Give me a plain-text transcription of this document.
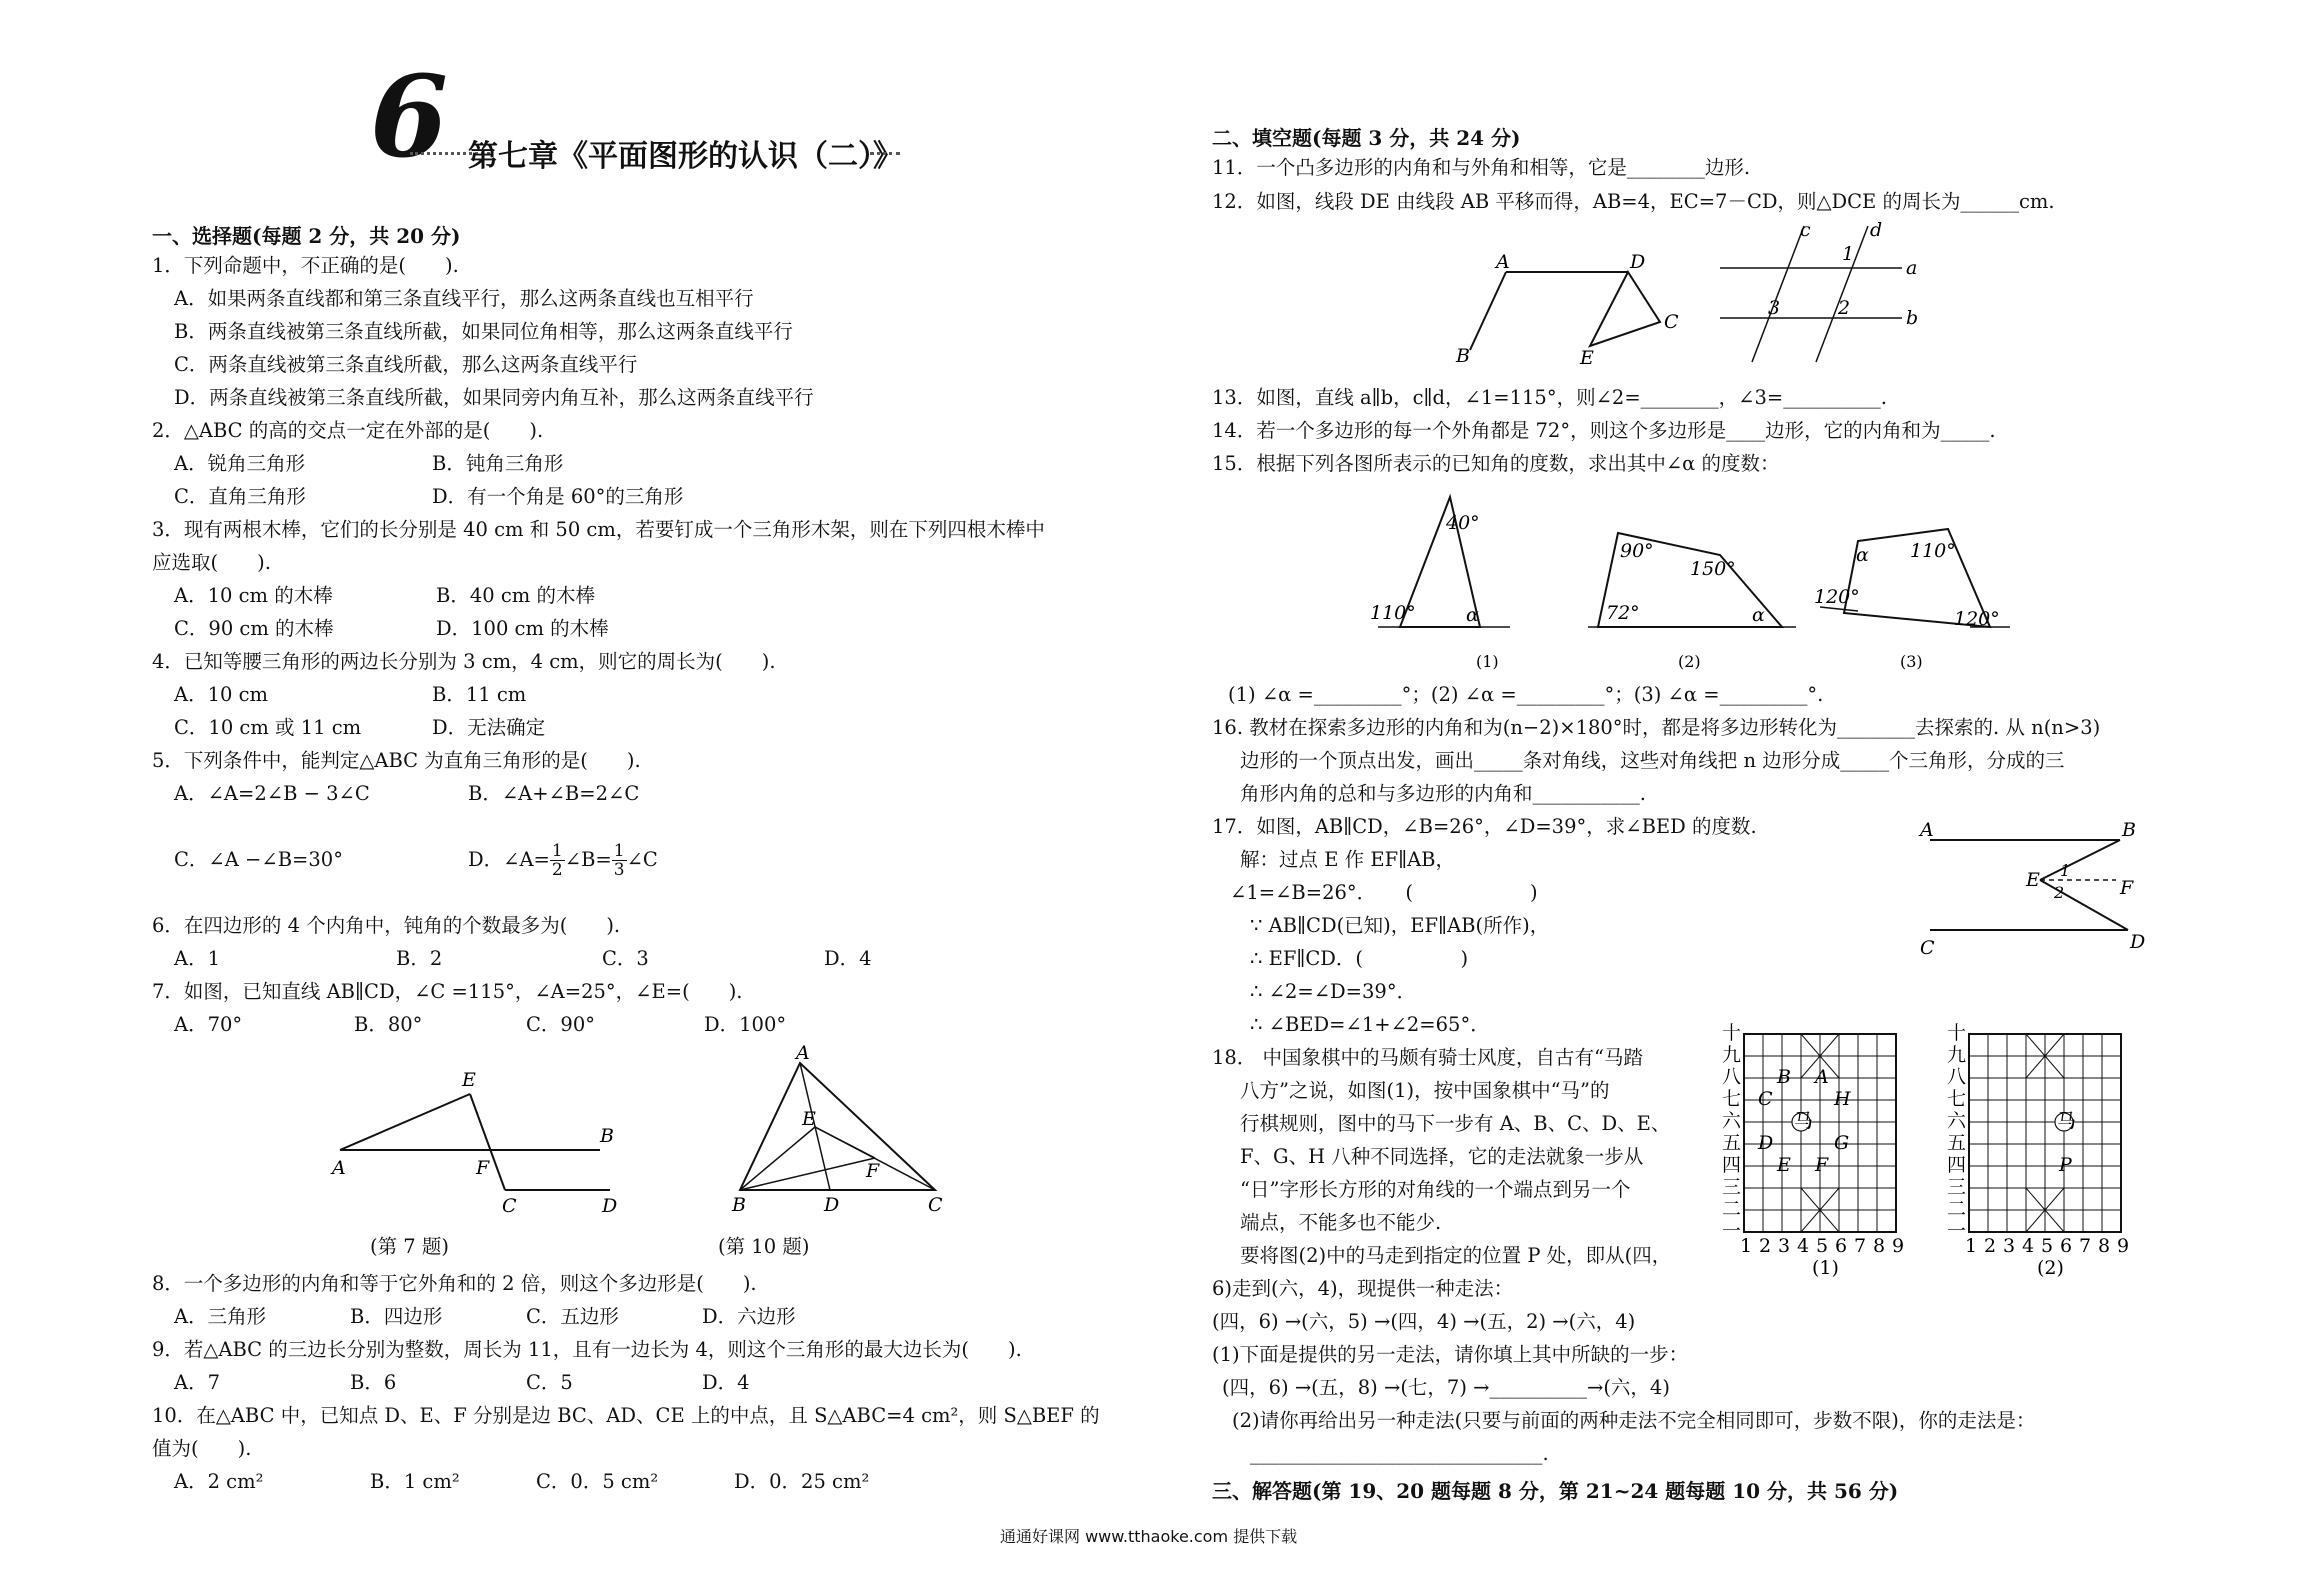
6 第七章《平面图形的认识（二）》
一、选择题(每题 2 分，共 20 分)
1．下列命题中，不正确的是(　　).
A．如果两条直线都和第三条直线平行，那么这两条直线也互相平行
B．两条直线被第三条直线所截，如果同位角相等，那么这两条直线平行
C．两条直线被第三条直线所截，那么这两条直线平行
D．两条直线被第三条直线所截，如果同旁内角互补，那么这两条直线平行
2．△ABC 的高的交点一定在外部的是(　　).
A．锐角三角形	B．钝角三角形
C．直角三角形	D．有一个角是 60°的三角形
3．现有两根木棒，它们的长分别是 40 cm 和 50 cm，若要钉成一个三角形木架，则在下列四根木棒中
应选取(　　).
A．10 cm 的木棒	B．40 cm 的木棒
C．90 cm 的木棒	D．100 cm 的木棒
4．已知等腰三角形的两边长分别为 3 cm，4 cm，则它的周长为(　　).
A．10 cm	B．11 cm
C．10 cm 或 11 cm	D．无法确定
5．下列条件中，能判定△ABC 为直角三角形的是(　　).
A．∠A=2∠B − 3∠C	B．∠A+∠B=2∠C
C．∠A −∠B=30°	D．∠A= $\frac{1}{2}$ ∠B= $\frac{1}{3}$ ∠C
6．在四边形的 4 个内角中，钝角的个数最多为(　　).
A．1	B．2	C．3	D．4
7．如图，已知直线 AB∥CD，∠C =115°，∠A=25°，∠E=(　　).
A．70°	B．80°	C．90°	D．100°
E
B
A	F
C	D
A
E
F
B	D	C
(第 7 题)	(第 10 题)
8．一个多边形的内角和等于它外角和的 2 倍，则这个多边形是(　　).
A．三角形	B．四边形	C．五边形	D．六边形
9．若△ABC 的三边长分别为整数，周长为 11，且有一边长为 4，则这个三角形的最大边长为(　　).
A．7	B．6	C．5	D．4
10．在△ABC 中，已知点 D、E、F 分别是边 BC、AD、CE 上的中点，且 S△ABC=4 cm²，则 S△BEF 的
值为(　　).
A．2 cm²	B．1 cm²	C．0．5 cm²	D．0．25 cm²
二、填空题(每题 3 分，共 24 分)
11．一个凸多边形的内角和与外角和相等，它是________边形.
12．如图，线段 DE 由线段 AB 平移而得，AB=4，EC=7－CD，则△DCE 的周长为______cm.
A	D
C
B	E
c	d
1
a
3	2	b
13．如图，直线 a∥b，c∥d，∠1=115°，则∠2=________，∠3=__________.
14．若一个多边形的每一个外角都是 72°，则这个多边形是____边形，它的内角和为_____.
15．根据下列各图所表示的已知角的度数，求出其中∠α 的度数：
40°
110°	α
90°
150°
72°	α
110°
120°
α
120°
(1)	(2)	(3)
(1) ∠α =_________°；(2) ∠α =_________°；(3) ∠α =_________°.
16. 教材在探索多边形的内角和为(n−2)×180°时，都是将多边形转化为________去探索的. 从 n(n>3)
边形的一个顶点出发，画出_____条对角线，这些对角线把 n 边形分成_____个三角形，分成的三
角形内角的总和与多边形的内角和___________.
17．如图，AB∥CD，∠B=26°，∠D=39°，求∠BED 的度数.
解：过点 E 作 EF∥AB，
∠1=∠B=26°．　　(　　　　　　)
∵ AB∥CD(已知)，EF∥AB(所作)，
∴ EF∥CD．(　　　　　)
∴ ∠2=∠D=39°．
∴ ∠BED=∠1+∠2=65°．
A	B
E 1
2	F
C	D
18． 中国象棋中的马颇有骑士风度，自古有“马踏
八方”之说，如图(1)，按中国象棋中“马”的
行棋规则，图中的马下一步有 A、B、C、D、E、
F、G、H 八种不同选择，它的走法就象一步从
“日”字形长方形的对角线的一个端点到另一个
端点，不能多也不能少.
要将图(2)中的马走到指定的位置 P 处，即从(四，
6)走到(六，4)，现提供一种走法：
(四，6) →(六，5) →(四，4) →(五，2) →(六，4)
(1)下面是提供的另一走法，请你填上其中所缺的一步：
(四，6) →(五，8) →(七，7) →__________→(六，4)
(2)请你再给出另一种走法(只要与前面的两种走法不完全相同即可，步数不限)，你的走法是：
______________________________.
十
九
八
七
六
五
四
三
二
一
1 2 3 4 5 6 7 8 9
(1)
B A
C	H
D	G
E F
马
十
九
八
七
六
五
四
三
二
一
1 2 3 4 5 6 7 8 9
(2)
P
马
三、解答题(第 19、20 题每题 8 分，第 21~24 题每题 10 分，共 56 分)
通通好课网 www.tthaoke.com 提供下载
